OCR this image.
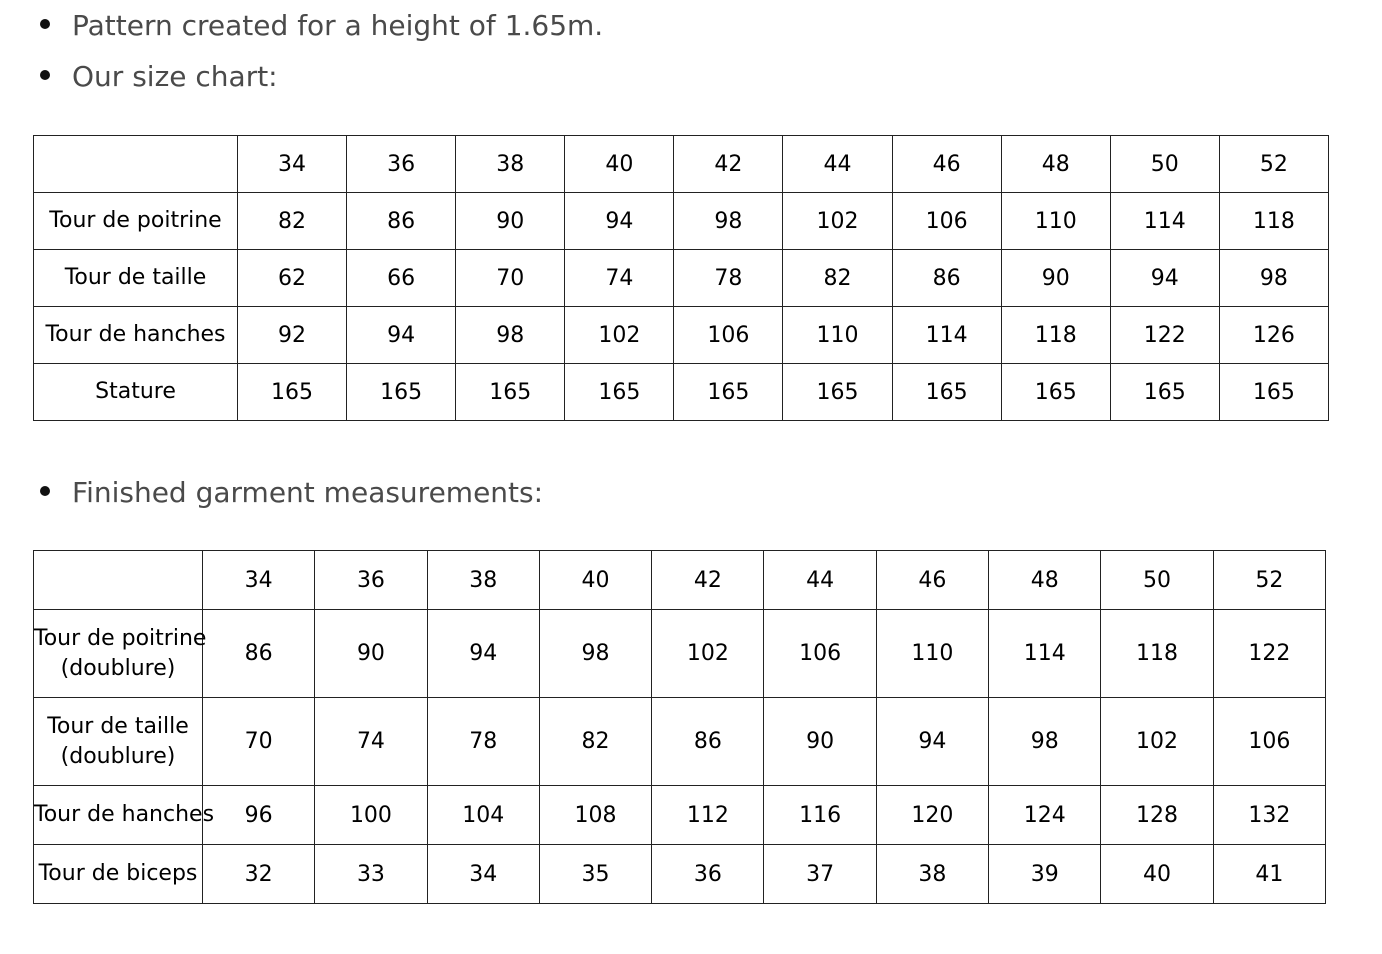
Pattern created for a height of 1.65m.
Our size chart:
	34	36	38	40	42	44	46	48	50	52
Tour de poitrine	82	86	90	94	98	102	106	110	114	118
Tour de taille	62	66	70	74	78	82	86	90	94	98
Tour de hanches	92	94	98	102	106	110	114	118	122	126
Stature	165	165	165	165	165	165	165	165	165	165
Finished garment measurements:
	34	36	38	40	42	44	46	48	50	52

Tour de poitrine
(doublure)	86	90	94	98	102	106	110	114	118	122

Tour de taille
(doublure)	70	74	78	82	86	90	94	98	102	106

Tour de hanches	96	100	104	108	112	116	120	124	128	132

Tour de biceps	32	33	34	35	36	37	38	39	40	41
